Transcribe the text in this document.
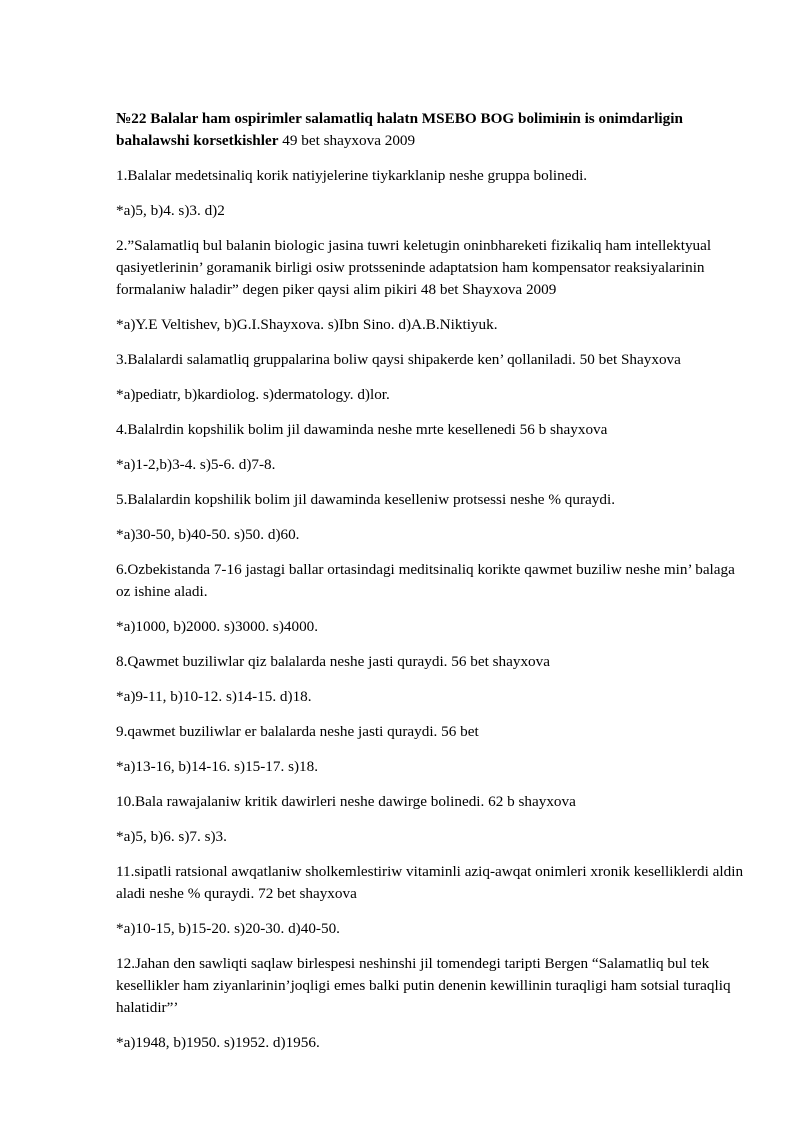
№22 Balalar ham ospirimler salamatliq halatn MSEBO BOG bolimінin is onimdarligin bahalawshi korsetkishler 49 bet shayxova 2009

1.Balalar medetsinaliq korik natiyjelerine tiykarklanip neshe gruppa bolinedi.

*a)5, b)4. s)3. d)2

2.”Salamatliq bul balanin biologic jasina tuwri keletugin oninbhareketi fizikaliq ham intellektyual qasiyetlerinin’ goramanik birligi osiw protsseninde adaptatsion ham kompensator reaksiyalarinin formalaniw haladir” degen piker qaysi alim pikiri 48 bet Shayxova 2009

*a)Y.E Veltishev, b)G.I.Shayxova. s)Ibn Sino. d)A.B.Niktiyuk.

3.Balalardi salamatliq gruppalarina boliw qaysi shipakerde ken’ qollaniladi. 50 bet Shayxova

*a)pediatr, b)kardiolog. s)dermatology. d)lor.

4.Balalrdin kopshilik bolim jil dawaminda neshe mrte kesellenedi 56 b shayxova

*a)1-2,b)3-4. s)5-6. d)7-8.

5.Balalardin kopshilik bolim jil dawaminda keselleniw protsessi neshe % quraydi.

*a)30-50, b)40-50. s)50. d)60.

6.Ozbekistanda 7-16 jastagi ballar ortasindagi meditsinaliq korikte qawmet buziliw neshe min’ balaga oz ishine aladi.

*a)1000, b)2000. s)3000. s)4000.

8.Qawmet buziliwlar qiz balalarda neshe jasti quraydi. 56 bet shayxova

*a)9-11, b)10-12. s)14-15. d)18.

9.qawmet buziliwlar er balalarda neshe jasti quraydi. 56 bet

*a)13-16, b)14-16. s)15-17. s)18.

10.Bala rawajalaniw kritik dawirleri neshe dawirge bolinedi. 62 b shayxova

*a)5, b)6. s)7. s)3.

11.sipatli ratsional awqatlaniw sholkemlestiriw vitaminli aziq-awqat onimleri xronik keselliklerdi aldin aladi neshe % quraydi. 72 bet shayxova

*a)10-15, b)15-20. s)20-30. d)40-50.

12.Jahan den sawliqti saqlaw birlespesi neshinshi jil tomendegi taripti Bergen “Salamatliq bul tek kesellikler ham ziyanlarinin’joqligi emes balki putin denenin kewillinin turaqligi ham sotsial turaqliq halatidir”’

*a)1948, b)1950. s)1952. d)1956.
